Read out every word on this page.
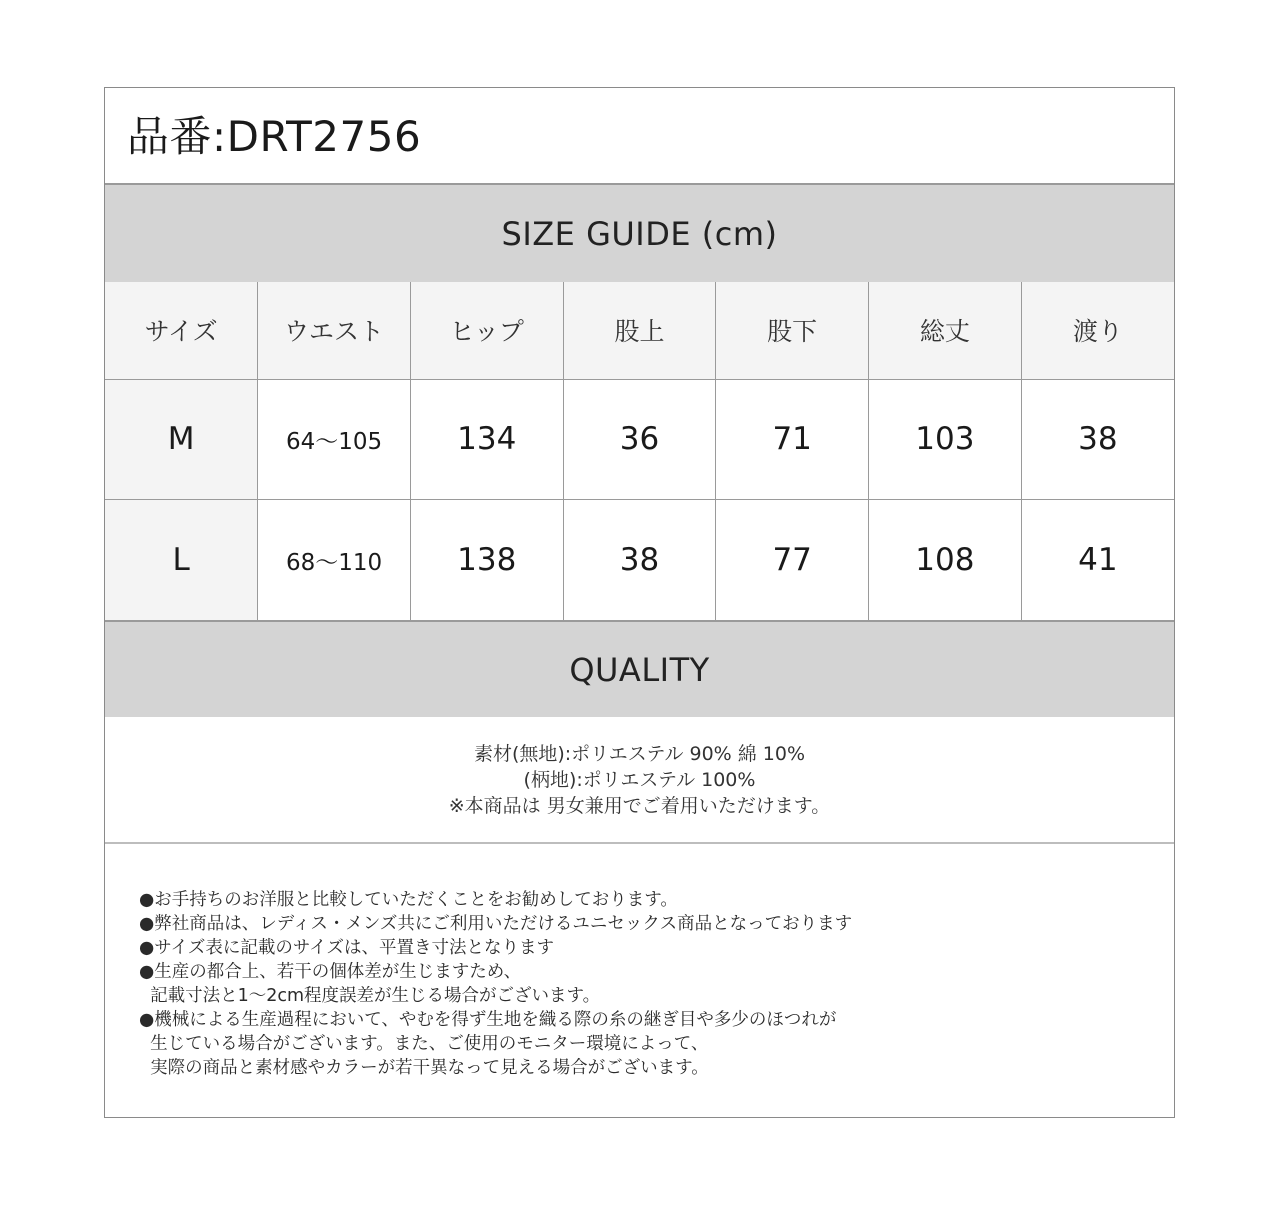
品番:DRT2756
SIZE GUIDE (cm)
サイズ	ウエスト	ヒップ	股上	股下	総丈	渡り
M	64〜105	134	36	71	103	38
L	68〜110	138	38	77	108	41
QUALITY
素材(無地):ポリエステル 90% 綿 10%
(柄地):ポリエステル 100%
※本商品は 男女兼用でご着用いただけます。
●お手持ちのお洋服と比較していただくことをお勧めしております。
●弊社商品は、レディス・メンズ共にご利用いただけるユニセックス商品となっております
●サイズ表に記載のサイズは、平置き寸法となります
●生産の都合上、若干の個体差が生じますため、
記載寸法と1〜2cm程度誤差が生じる場合がございます。
●機械による生産過程において、やむを得ず生地を織る際の糸の継ぎ目や多少のほつれが
生じている場合がございます。また、ご使用のモニター環境によって、
実際の商品と素材感やカラーが若干異なって見える場合がございます。
